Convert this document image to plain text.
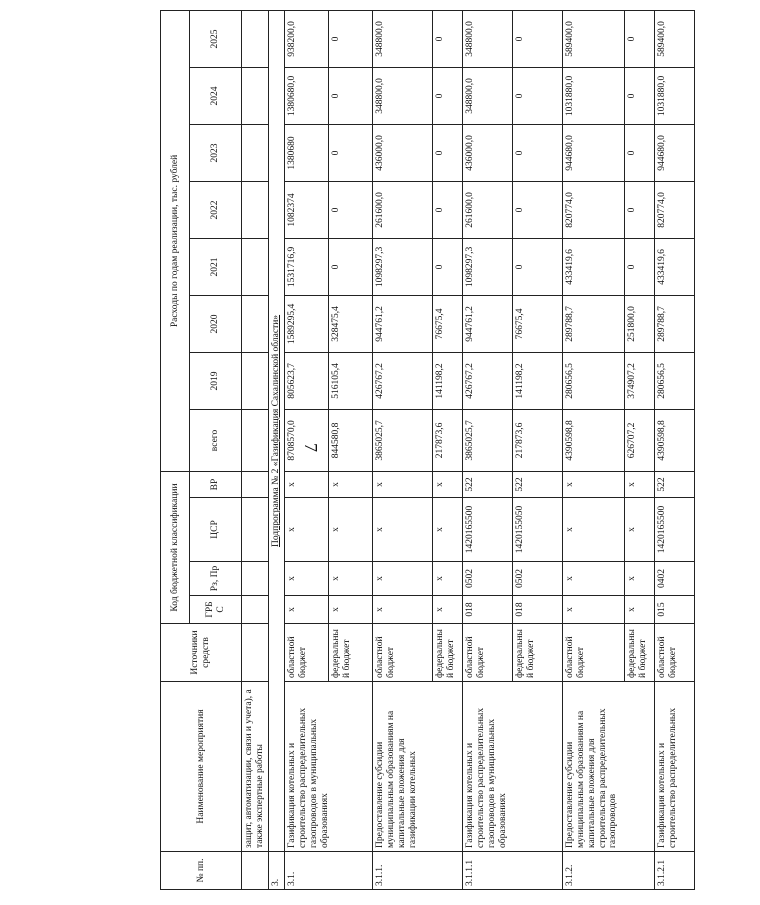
7
№ пп.	Наименование мероприятия	Источники средств	Код бюджетной классификации				Расходы по годам реализации, тыс. рублей							
			ГРБС	Рз, Пр	ЦСР	ВР	всего	2019	2020	2021	2022	2023	2024	2025
	защит, автоматизации, связи и учета), а также экспертные работы													
3.	Подпрограмма № 2 «Газификация Сахалинской области»													
3.1.	Газификация котельных и строительство распределительных газопроводов в муниципальных образованиях	областной бюджет	x	x	x	x	8708570,0	805623,7	1589295,4	1531716,9	1082374	1380680	1380680,0	938200,0
		федеральный бюджет	x	x	x	x	844580,8	516105,4	328475,4	0	0	0	0	0
3.1.1.	Предоставление субсидии муниципальным образованиям на капитальные вложения для газификации котельных	областной бюджет	x	x	x	x	3865025,7	426767,2	944761,2	1098297,3	261600,0	436000,0	348800,0	348800,0
		федеральный бюджет	x	x	x	x	217873,6	141198,2	76675,4	0	0	0	0	0
3.1.1.1	Газификация котельных и строительство распределительных газопроводов в муниципальных образованиях	областной бюджет	018	0502	1420165500	522	3865025,7	426767,2	944761,2	1098297,3	261600,0	436000,0	348800,0	348800,0
		федеральный бюджет	018	0502	1420155050	522	217873,6	141198,2	76675,4	0	0	0	0	0
3.1.2.	Предоставление субсидии муниципальным образованиям на капитальные вложения для строительства распределительных газопроводов	областной бюджет	x	x	x	x	4390598,8	280656,5	289788,7	433419,6	820774,0	944680,0	1031880,0	589400,0
		федеральный бюджет	x	x	x	x	626707,2	374907,2	251800,0	0	0	0	0	0
3.1.2.1	Газификация котельных и строительство распределительных	областной бюджет	015	0402	1420165500	522	4390598,8	280656,5	289788,7	433419,6	820774,0	944680,0	1031880,0	589400,0
